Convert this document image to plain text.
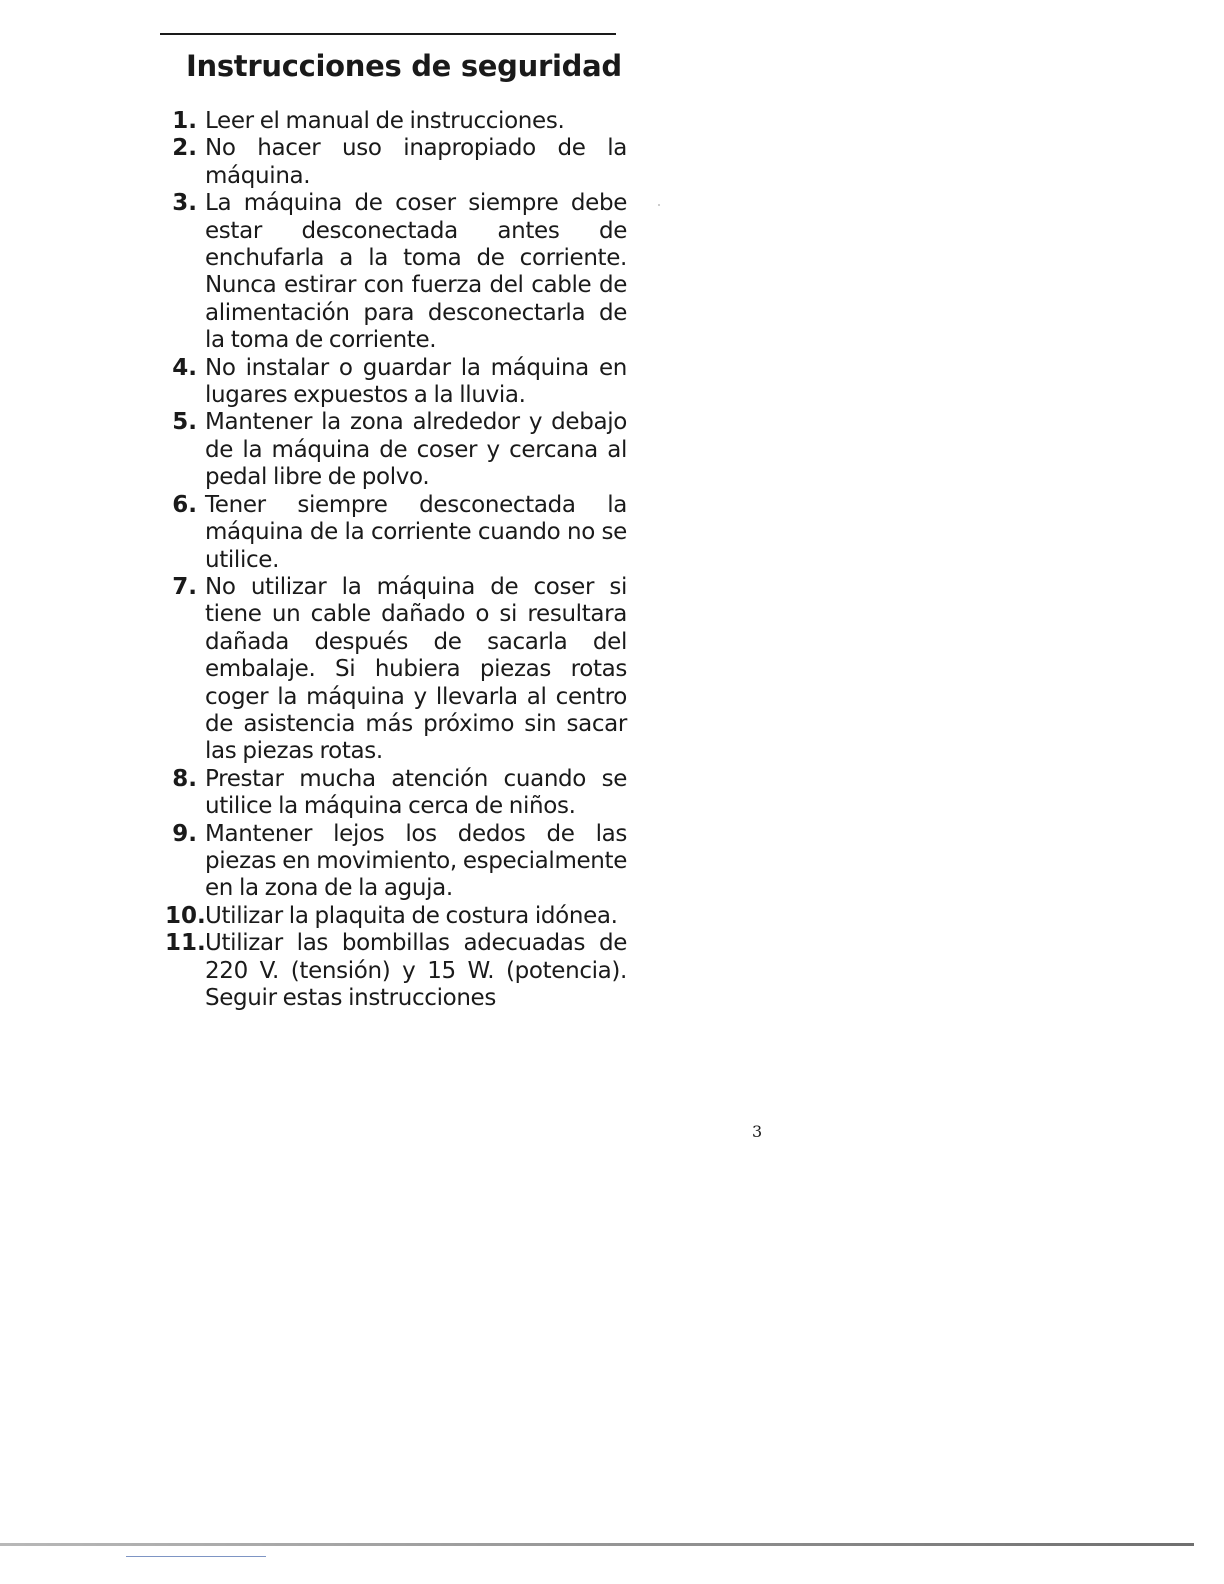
Instrucciones de seguridad
1. Leer el manual de instrucciones.
2. No hacer uso inapropiado de la máquina.
3. La máquina de coser siempre debe estar desconectada antes de enchufarla a la toma de corriente. Nunca estirar con fuerza del cable de alimentación para desconectarla de la toma de corriente.
4. No instalar o guardar la máquina en lugares expuestos a la lluvia.
5. Mantener la zona alrededor y debajo de la máquina de coser y cercana al pedal libre de polvo.
6. Tener siempre desconectada la máquina de la corriente cuando no se utilice.
7. No utilizar la máquina de coser si tiene un cable dañado o si resultara dañada después de sacarla del embalaje. Si hubiera piezas rotas coger la máquina y llevarla al centro de asistencia más próximo sin sacar las piezas rotas.
8. Prestar mucha atención cuando se utilice la máquina cerca de niños.
9. Mantener lejos los dedos de las piezas en movimiento, especialmente en la zona de la aguja.
10. Utilizar la plaquita de costura idónea.
11. Utilizar las bombillas adecuadas de 220 V. (tensión) y 15 W. (potencia). Seguir estas instrucciones
3
